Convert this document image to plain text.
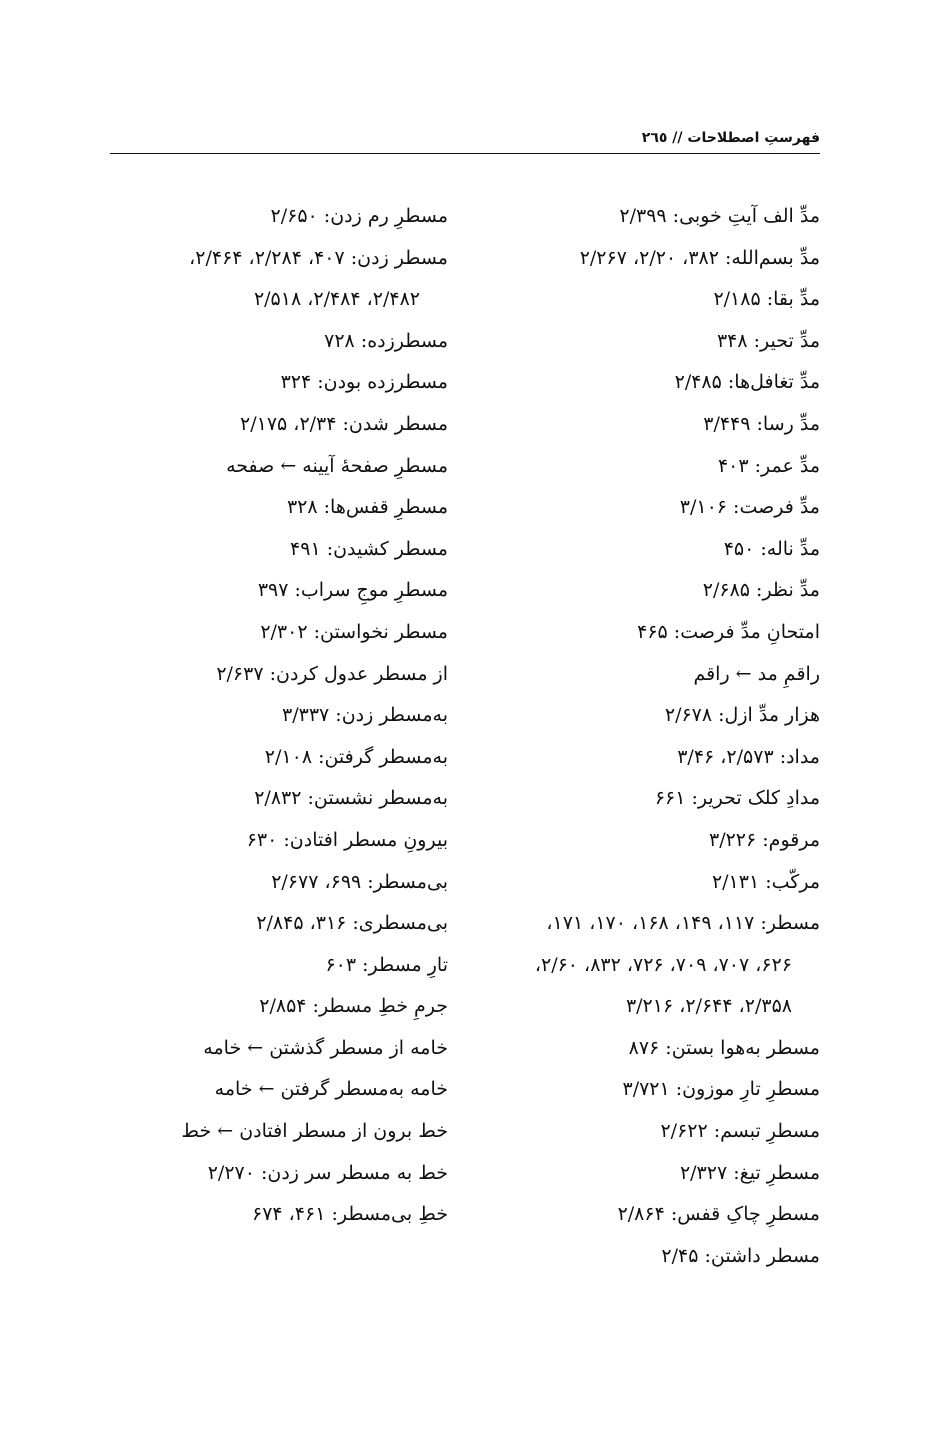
فهرستِ اصطلاحات // ۲٦٥
مدِّ الف آیتِ خوبی: ۲/۳۹۹
مدِّ بسم‌الله: ۳۸۲، ۲/۲۰، ۲/۲۶۷
مدِّ بقا: ۲/۱۸۵
مدِّ تحیر: ۳۴۸
مدِّ تغافل‌ها: ۲/۴۸۵
مدِّ رسا: ۳/۴۴۹
مدِّ عمر: ۴۰۳
مدِّ فرصت: ۳/۱۰۶
مدِّ ناله: ۴۵۰
مدِّ نظر: ۲/۶۸۵
امتحانِ مدِّ فرصت: ۴۶۵
راقمِ مد ← راقم
هزار مدِّ ازل: ۲/۶۷۸
مداد: ۲/۵۷۳، ۳/۴۶
مدادِ کلک تحریر: ۶۶۱
مرقوم: ۳/۲۲۶
مرکّب: ۲/۱۳۱
مسطر: ۱۱۷، ۱۴۹، ۱۶۸، ۱۷۰، ۱۷۱،
۶۲۶، ۷۰۷، ۷۰۹، ۷۲۶، ۸۳۲، ۲/۶۰،
۲/۳۵۸، ۲/۶۴۴، ۳/۲۱۶
مسطر به‌هوا بستن: ۸۷۶
مسطرِ تارِ موزون: ۳/۷۲۱
مسطرِ تبسم: ۲/۶۲۲
مسطرِ تیغ: ۲/۳۲۷
مسطرِ چاکِ قفس: ۲/۸۶۴
مسطر داشتن: ۲/۴۵
مسطرِ رم زدن: ۲/۶۵۰
مسطر زدن: ۴۰۷، ۲/۲۸۴، ۲/۴۶۴،
۲/۴۸۲، ۲/۴۸۴، ۲/۵۱۸
مسطرزده: ۷۲۸
مسطرزده بودن: ۳۲۴
مسطر شدن: ۲/۳۴، ۲/۱۷۵
مسطرِ صفحهٔ آیینه ← صفحه
مسطرِ قفس‌ها: ۳۲۸
مسطر کشیدن: ۴۹۱
مسطرِ موجِ سراب: ۳۹۷
مسطر نخواستن: ۲/۳۰۲
از مسطر عدول کردن: ۲/۶۳۷
به‌مسطر زدن: ۳/۳۳۷
به‌مسطر گرفتن: ۲/۱۰۸
به‌مسطر نشستن: ۲/۸۳۲
بیرونِ مسطر افتادن: ۶۳۰
بی‌مسطر: ۶۹۹، ۲/۶۷۷
بی‌مسطری: ۳۱۶، ۲/۸۴۵
تارِ مسطر: ۶۰۳
جرمِ خطِ مسطر: ۲/۸۵۴
خامه از مسطر گذشتن ← خامه
خامه به‌مسطر گرفتن ← خامه
خط برون از مسطر افتادن ← خط
خط به مسطر سر زدن: ۲/۲۷۰
خطِ بی‌مسطر: ۴۶۱، ۶۷۴
